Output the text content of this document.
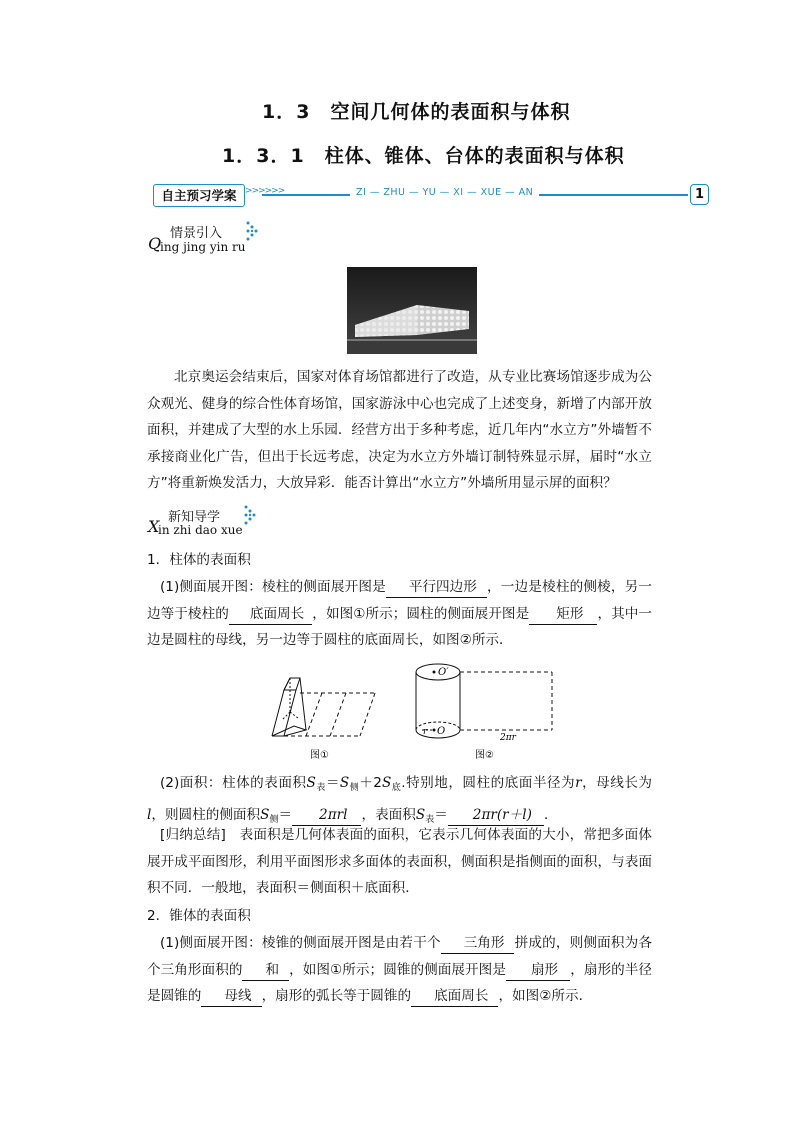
1．3　空间几何体的表面积与体积
1．3．1　柱体、锥体、台体的表面积与体积
自主预习学案 >>>>>>	ZI — ZHU — YU — XI — XUE — AN	1
Q
情景引入
ing jing yin ru
北京奥运会结束后，国家对体育场馆都进行了改造，从专业比赛场馆逐步成为公众观光、健身的综合性体育场馆，国家游泳中心也完成了上述变身，新增了内部开放面积，并建成了大型的水上乐园．经营方出于多种考虑，近几年内“水立方”外墙暂不承接商业化广告，但出于长远考虑，决定为水立方外墙订制特殊显示屏，届时“水立方”将重新焕发活力，大放异彩．能否计算出“水立方”外墙所用显示屏的面积？
X 新知导学
in zhi dao xue
1．柱体的表面积
(1)侧面展开图：棱柱的侧面展开图是 平行四边形 ，一边是棱柱的侧棱，另一边等于棱柱的 底面周长 ，如图①所示；圆柱的侧面展开图是 矩形 ，其中一边是圆柱的母线，另一边等于圆柱的底面周长，如图②所示．
O′
r O
2πr
图①	图②
(2)面积：柱体的表面积$S_表=S_侧+2S_底$.特别地，圆柱的底面半径为r，母线长为l，则圆柱的侧面积$S_侧= 2\pi rl$ ，表面积$S_表= 2\pi r(r+l)$ ．
[归纳总结]　表面积是几何体表面的面积，它表示几何体表面的大小，常把多面体展开成平面图形，利用平面图形求多面体的表面积，侧面积是指侧面的面积，与表面积不同．一般地，表面积＝侧面积＋底面积．
2．锥体的表面积
(1)侧面展开图：棱锥的侧面展开图是由若干个 三角形 拼成的，则侧面积为各个三角形面积的 和 ，如图①所示；圆锥的侧面展开图是 扇形 ，扇形的半径是圆锥的 母线 ，扇形的弧长等于圆锥的 底面周长 ，如图②所示．
